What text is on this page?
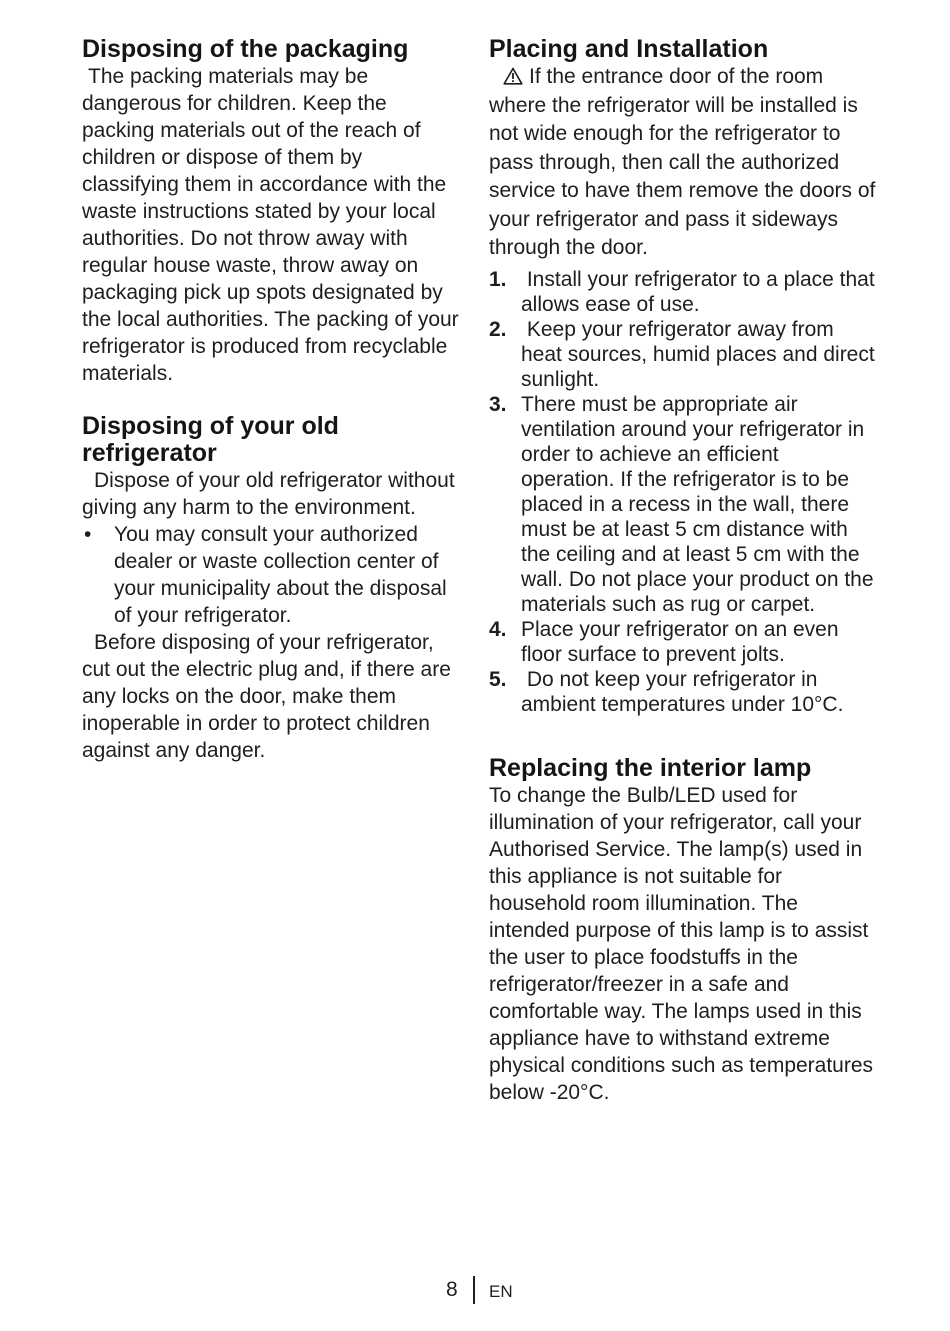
Disposing of the packaging

The packing materials may be dangerous for children. Keep the packing materials out of the reach of children or dispose of them by classifying them in accordance with the waste instructions stated by your local authorities. Do not throw away with regular house waste, throw away on packaging pick up spots designated by the local authorities. The packing of your refrigerator is produced from recyclable materials.

Disposing of your old refrigerator

Dispose of your old refrigerator without giving any harm to the environment.

• You may consult your authorized dealer or waste collection center of your municipality about the disposal of your refrigerator.

Before disposing of your refrigerator, cut out the electric plug and, if there are any locks on the door, make them inoperable in order to protect children against any danger.

Placing and Installation

If the entrance door of the room where the refrigerator will be installed is not wide enough for the refrigerator to pass through, then call the authorized service to have them remove the doors of your refrigerator and pass it sideways through the door.

1. Install your refrigerator to a place that allows ease of use.
2. Keep your refrigerator away from heat sources, humid places and direct sunlight.
3. There must be appropriate air ventilation around your refrigerator in order to achieve an efficient operation. If the refrigerator is to be placed in a recess in the wall, there must be at least 5 cm distance with the ceiling and at least 5 cm with the wall. Do not place your product on the materials such as rug or carpet.
4. Place your refrigerator on an even floor surface to prevent jolts.
5. Do not keep your refrigerator in ambient temperatures under 10°C.
Replacing the interior lamp

To change the Bulb/LED used for illumination of your refrigerator, call your Authorised Service. The lamp(s) used in this appliance is not suitable for household room illumination. The intended purpose of this lamp is to assist the user to place foodstuffs in the refrigerator/freezer in a safe and comfortable way. The lamps used in this appliance have to withstand extreme physical conditions such as temperatures below -20°C.

8 EN
